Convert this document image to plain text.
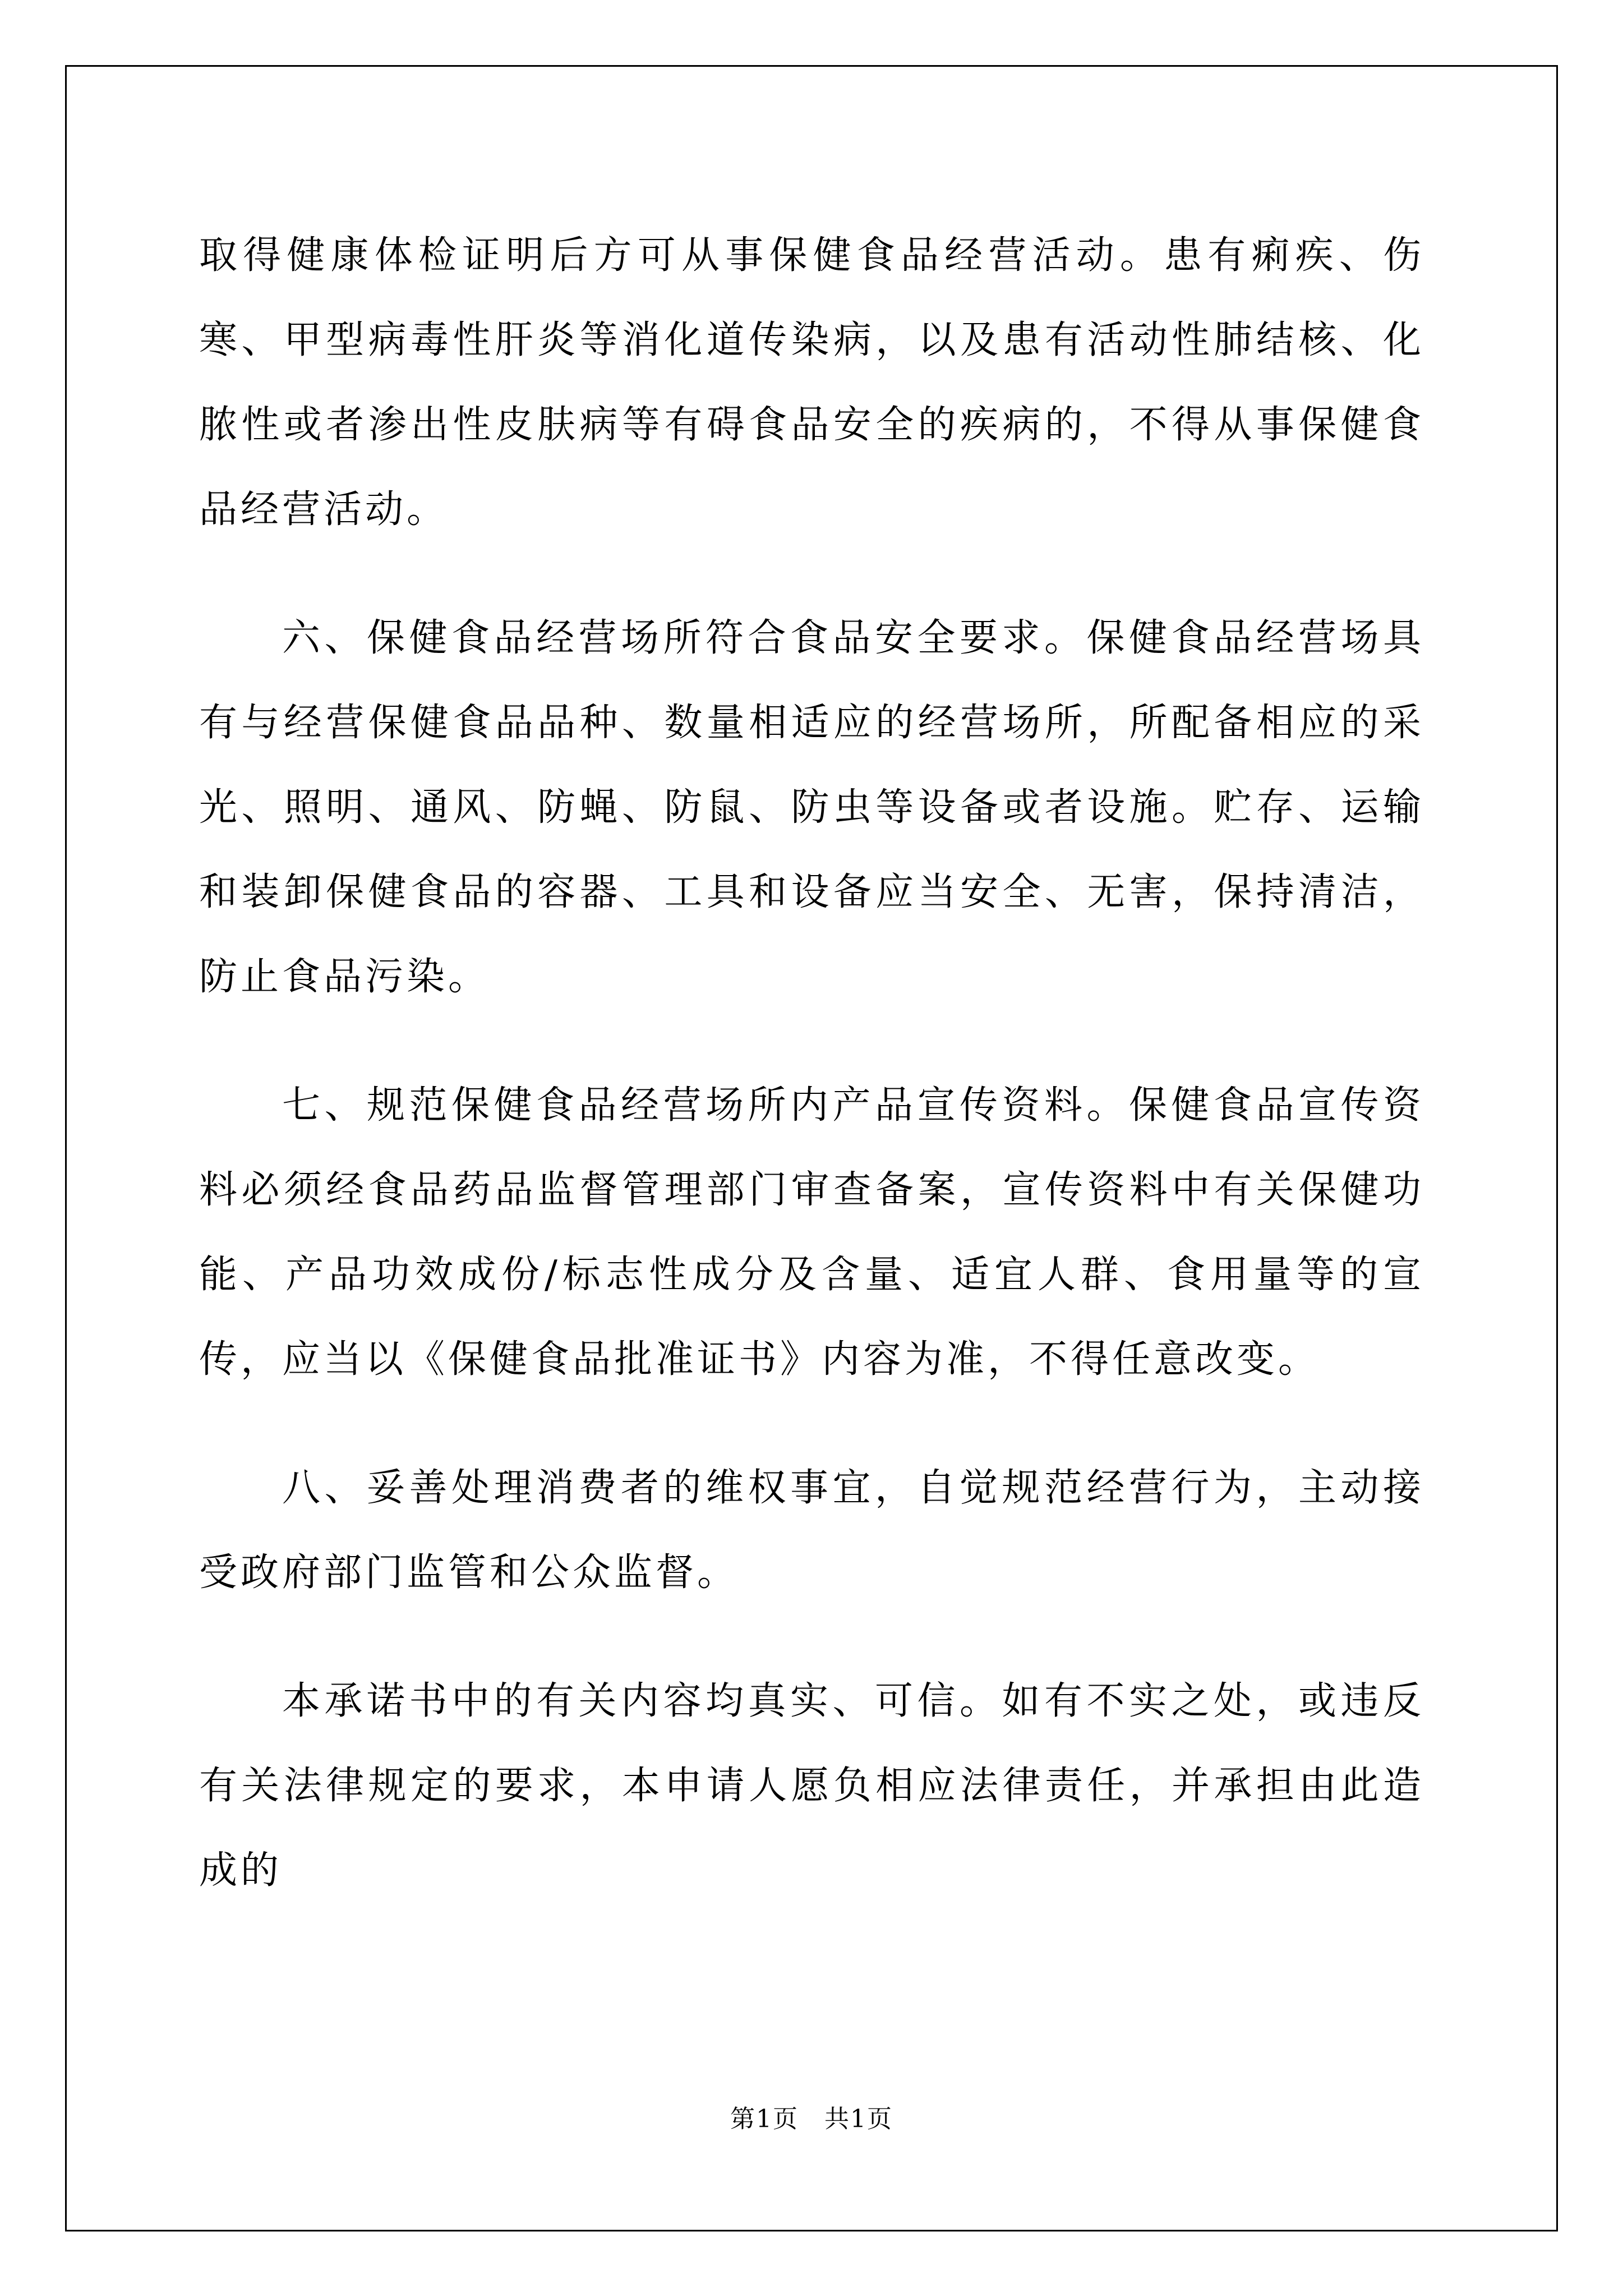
取得健康体检证明后方可从事保健食品经营活动。患有痢疾、伤寒、甲型病毒性肝炎等消化道传染病，以及患有活动性肺结核、化脓性或者渗出性皮肤病等有碍食品安全的疾病的，不得从事保健食品经营活动。

六、保健食品经营场所符合食品安全要求。保健食品经营场具有与经营保健食品品种、数量相适应的经营场所，所配备相应的采光、照明、通风、防蝇、防鼠、防虫等设备或者设施。贮存、运输和装卸保健食品的容器、工具和设备应当安全、无害，保持清洁，防止食品污染。

七、规范保健食品经营场所内产品宣传资料。保健食品宣传资料必须经食品药品监督管理部门审查备案，宣传资料中有关保健功能、产品功效成份/标志性成分及含量、适宜人群、食用量等的宣传，应当以《保健食品批准证书》内容为准，不得任意改变。

八、妥善处理消费者的维权事宜，自觉规范经营行为，主动接受政府部门监管和公众监督。

本承诺书中的有关内容均真实、可信。如有不实之处，或违反有关法律规定的要求，本申请人愿负相应法律责任，并承担由此造成的

第1页　共1页
